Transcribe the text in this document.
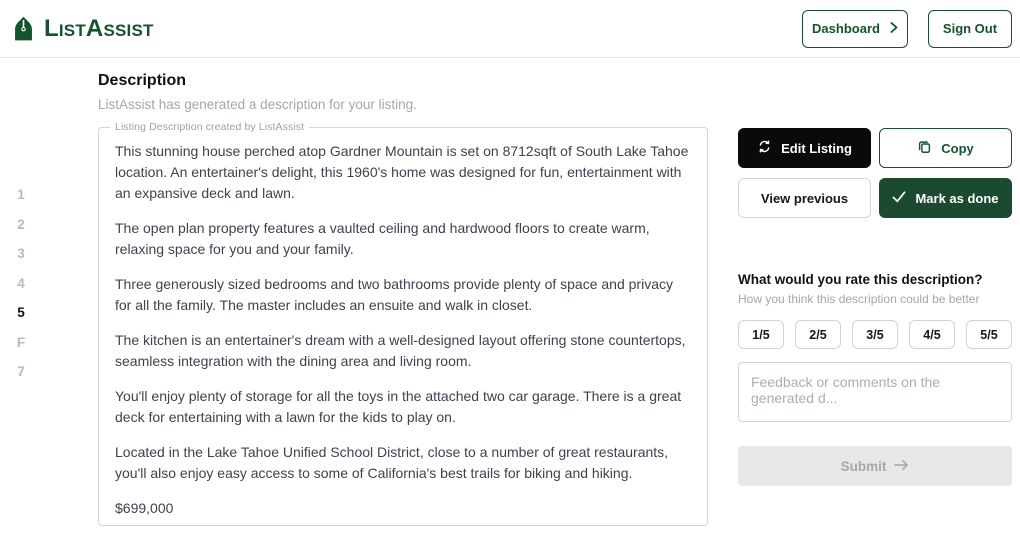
ListAssist	Dashboard	Sign Out
1
2
3
4
5
F
7
Description
ListAssist has generated a description for your listing.
Listing Description created by ListAssist

This stunning house perched atop Gardner Mountain is set on 8712sqft of South Lake Tahoe location. An entertainer's delight, this 1960's home was designed for fun, entertainment with an expansive deck and lawn.

The open plan property features a vaulted ceiling and hardwood floors to create warm, relaxing space for you and your family.

Three generously sized bedrooms and two bathrooms provide plenty of space and privacy for all the family. The master includes an ensuite and walk in closet.

The kitchen is an entertainer's dream with a well-designed layout offering stone countertops, seamless integration with the dining area and living room.

You'll enjoy plenty of storage for all the toys in the attached two car garage. There is a great deck for entertaining with a lawn for the kids to play on.

Located in the Lake Tahoe Unified School District, close to a number of great restaurants, you'll also enjoy easy access to some of California's best trails for biking and hiking.

$699,000

Edit Listing	Copy
View previous	Mark as done
What would you rate this description?
How you think this description could be better
1/5	2/5	3/5	4/5	5/5
Feedback or comments on the generated d...
Submit
